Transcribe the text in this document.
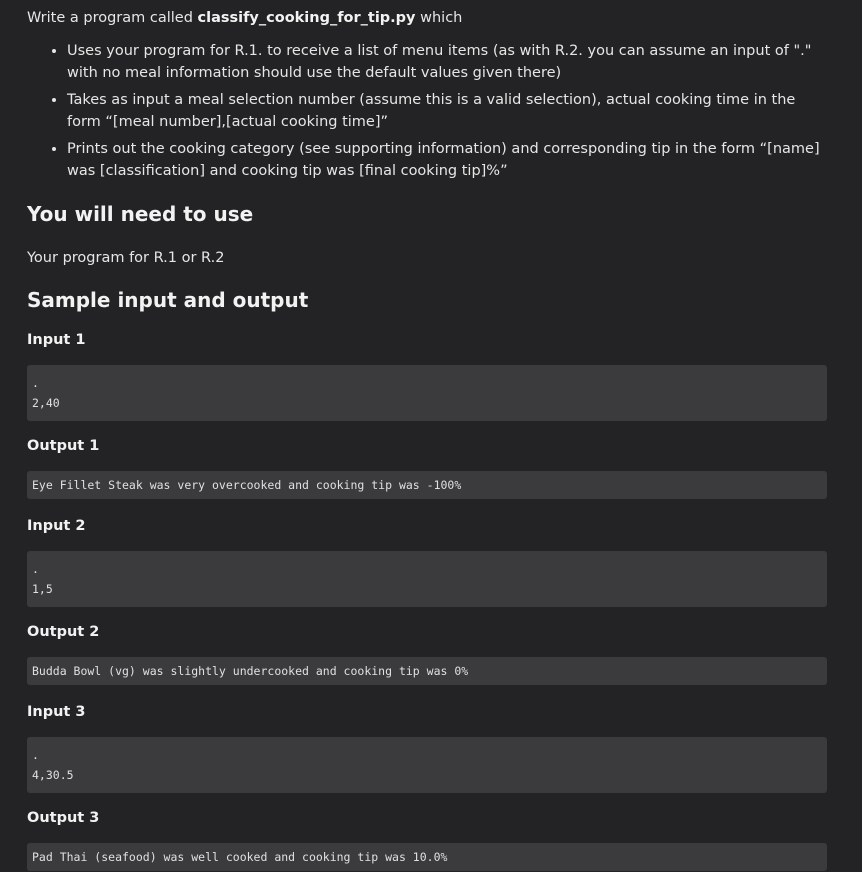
Write a program called classify_cooking_for_tip.py which

• Uses your program for R.1. to receive a list of menu items (as with R.2. you can assume an input of "." with no meal information should use the default values given there)
• Takes as input a meal selection number (assume this is a valid selection), actual cooking time in the form “[meal number],[actual cooking time]”
• Prints out the cooking category (see supporting information) and corresponding tip in the form “[name] was [classification] and cooking tip was [final cooking tip]%”
You will need to use

Your program for R.1 or R.2

Sample input and output
Input 1
.
2,40
Output 1
Eye Fillet Steak was very overcooked and cooking tip was -100%
Input 2
.
1,5
Output 2
Budda Bowl (vg) was slightly undercooked and cooking tip was 0%
Input 3
.
4,30.5
Output 3
Pad Thai (seafood) was well cooked and cooking tip was 10.0%
